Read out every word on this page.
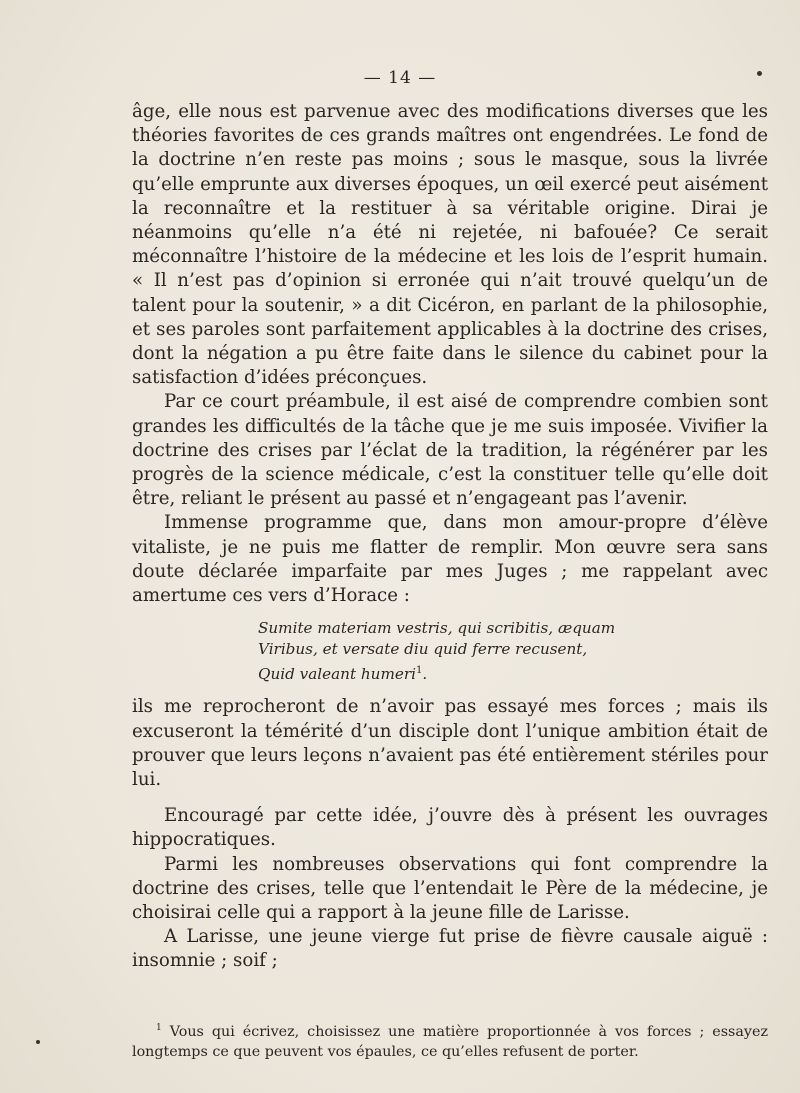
— 14 —

âge, elle nous est parvenue avec des modifications diverses que les théories favorites de ces grands maîtres ont engendrées. Le fond de la doctrine n’en reste pas moins ; sous le masque, sous la livrée qu’elle emprunte aux diverses époques, un œil exercé peut aisément la reconnaître et la restituer à sa véritable origine. Dirai je néanmoins qu’elle n’a été ni rejetée, ni bafouée? Ce serait méconnaître l’histoire de la médecine et les lois de l’esprit humain. « Il n’est pas d’opinion si erronée qui n’ait trouvé quelqu’un de talent pour la soutenir, » a dit Cicéron, en parlant de la philosophie, et ses paroles sont parfaitement applicables à la doctrine des crises, dont la négation a pu être faite dans le silence du cabinet pour la satisfaction d’idées préconçues.

Par ce court préambule, il est aisé de comprendre combien sont grandes les difficultés de la tâche que je me suis imposée. Vivifier la doctrine des crises par l’éclat de la tradition, la régénérer par les progrès de la science médicale, c’est la constituer telle qu’elle doit être, reliant le présent au passé et n’engageant pas l’avenir.

Immense programme que, dans mon amour-propre d’élève vitaliste, je ne puis me flatter de remplir. Mon œuvre sera sans doute déclarée imparfaite par mes Juges ; me rappelant avec amertume ces vers d’Horace :

Sumite materiam vestris, qui scribitis, æquam
Viribus, et versate diu quid ferre recusent,
Quid valeant humeri$^1$.

ils me reprocheront de n’avoir pas essayé mes forces ; mais ils excuseront la témérité d’un disciple dont l’unique ambition était de prouver que leurs leçons n’avaient pas été entièrement stériles pour lui.

Encouragé par cette idée, j’ouvre dès à présent les ouvrages hippocratiques.

Parmi les nombreuses observations qui font comprendre la doctrine des crises, telle que l’entendait le Père de la médecine, je choisirai celle qui a rapport à la jeune fille de Larisse.

A Larisse, une jeune vierge fut prise de fièvre causale aiguë : insomnie ; soif ;

$^1$ Vous qui écrivez, choisissez une matière proportionnée à vos forces ; essayez longtemps ce que peuvent vos épaules, ce qu’elles refusent de porter.
